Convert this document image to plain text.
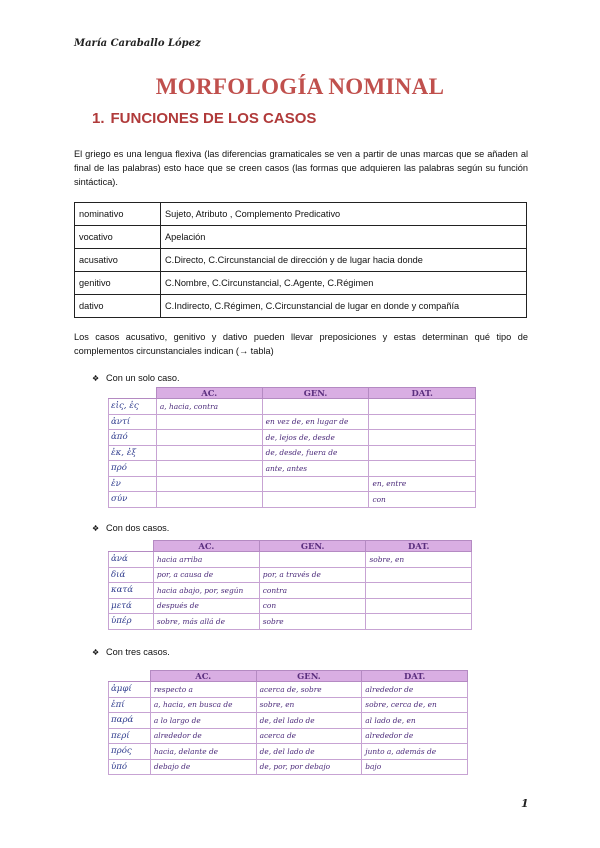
María Caraballo López
MORFOLOGÍA NOMINAL
1. FUNCIONES DE LOS CASOS

El griego es una lengua flexiva (las diferencias gramaticales se ven a partir de unas marcas que se añaden al final de las palabras) esto hace que se creen casos (las formas que adquieren las palabras según su función sintáctica).

nominativo	Sujeto, Atributo , Complemento Predicativo
vocativo	Apelación
acusativo	C.Directo, C.Circunstancial de dirección y de lugar hacia donde
genitivo	C.Nombre, C.Circunstancial, C.Agente, C.Régimen
dativo	C.Indirecto, C.Régimen, C.Circunstancial de lugar en donde y compañía

Los casos acusativo, genitivo y dativo pueden llevar preposiciones y estas determinan qué tipo de complementos circunstanciales indican (→ tabla)

❖ Con un solo caso.
	AC.	GEN.	DAT.
εἰς, ἐς	a, hacia, contra		
ἀντί		en vez de, en lugar de	
ἀπό		de, lejos de, desde	
ἐκ, ἐξ		de, desde, fuera de	
πρό		ante, antes	
ἐν			en, entre
σύν			con
❖ Con dos casos.
	AC.	GEN.	DAT.
ἀνά	hacia arriba		sobre, en
διά	por, a causa de	por, a través de	
κατά	hacia abajo, por, según	contra	
μετά	después de	con	
ὑπέρ	sobre, más allá de	sobre	
❖ Con tres casos.
	AC.	GEN.	DAT.
ἀμφί	respecto a	acerca de, sobre	alrededor de
ἐπί	a, hacia, en busca de	sobre, en	sobre, cerca de, en
παρά	a lo largo de	de, del lado de	al lado de, en
περί	alrededor de	acerca de	alrededor de
πρός	hacia, delante de	de, del lado de	junto a, además de
ὑπό	debajo de	de, por, por debajo	bajo
1
